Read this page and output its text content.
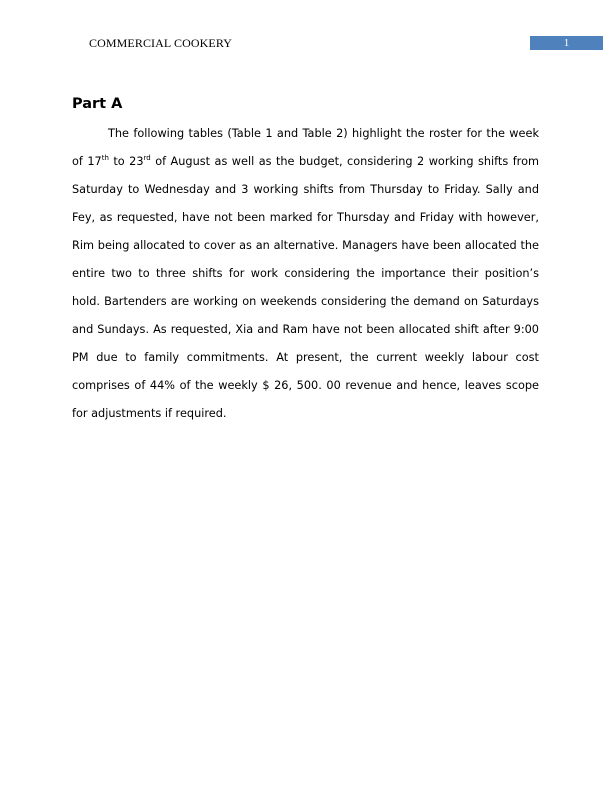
COMMERCIAL COOKERY	1
Part A

The following tables (Table 1 and Table 2) highlight the roster for the week of 17th to 23rd of August as well as the budget, considering 2 working shifts from Saturday to Wednesday and 3 working shifts from Thursday to Friday. Sally and Fey, as requested, have not been marked for Thursday and Friday with however, Rim being allocated to cover as an alternative. Managers have been allocated the entire two to three shifts for work considering the importance their position’s hold. Bartenders are working on weekends considering the demand on Saturdays and Sundays. As requested, Xia and Ram have not been allocated shift after 9:00 PM due to family commitments. At present, the current weekly labour cost comprises of 44% of the weekly $ 26, 500. 00 revenue and hence, leaves scope for adjustments if required.
